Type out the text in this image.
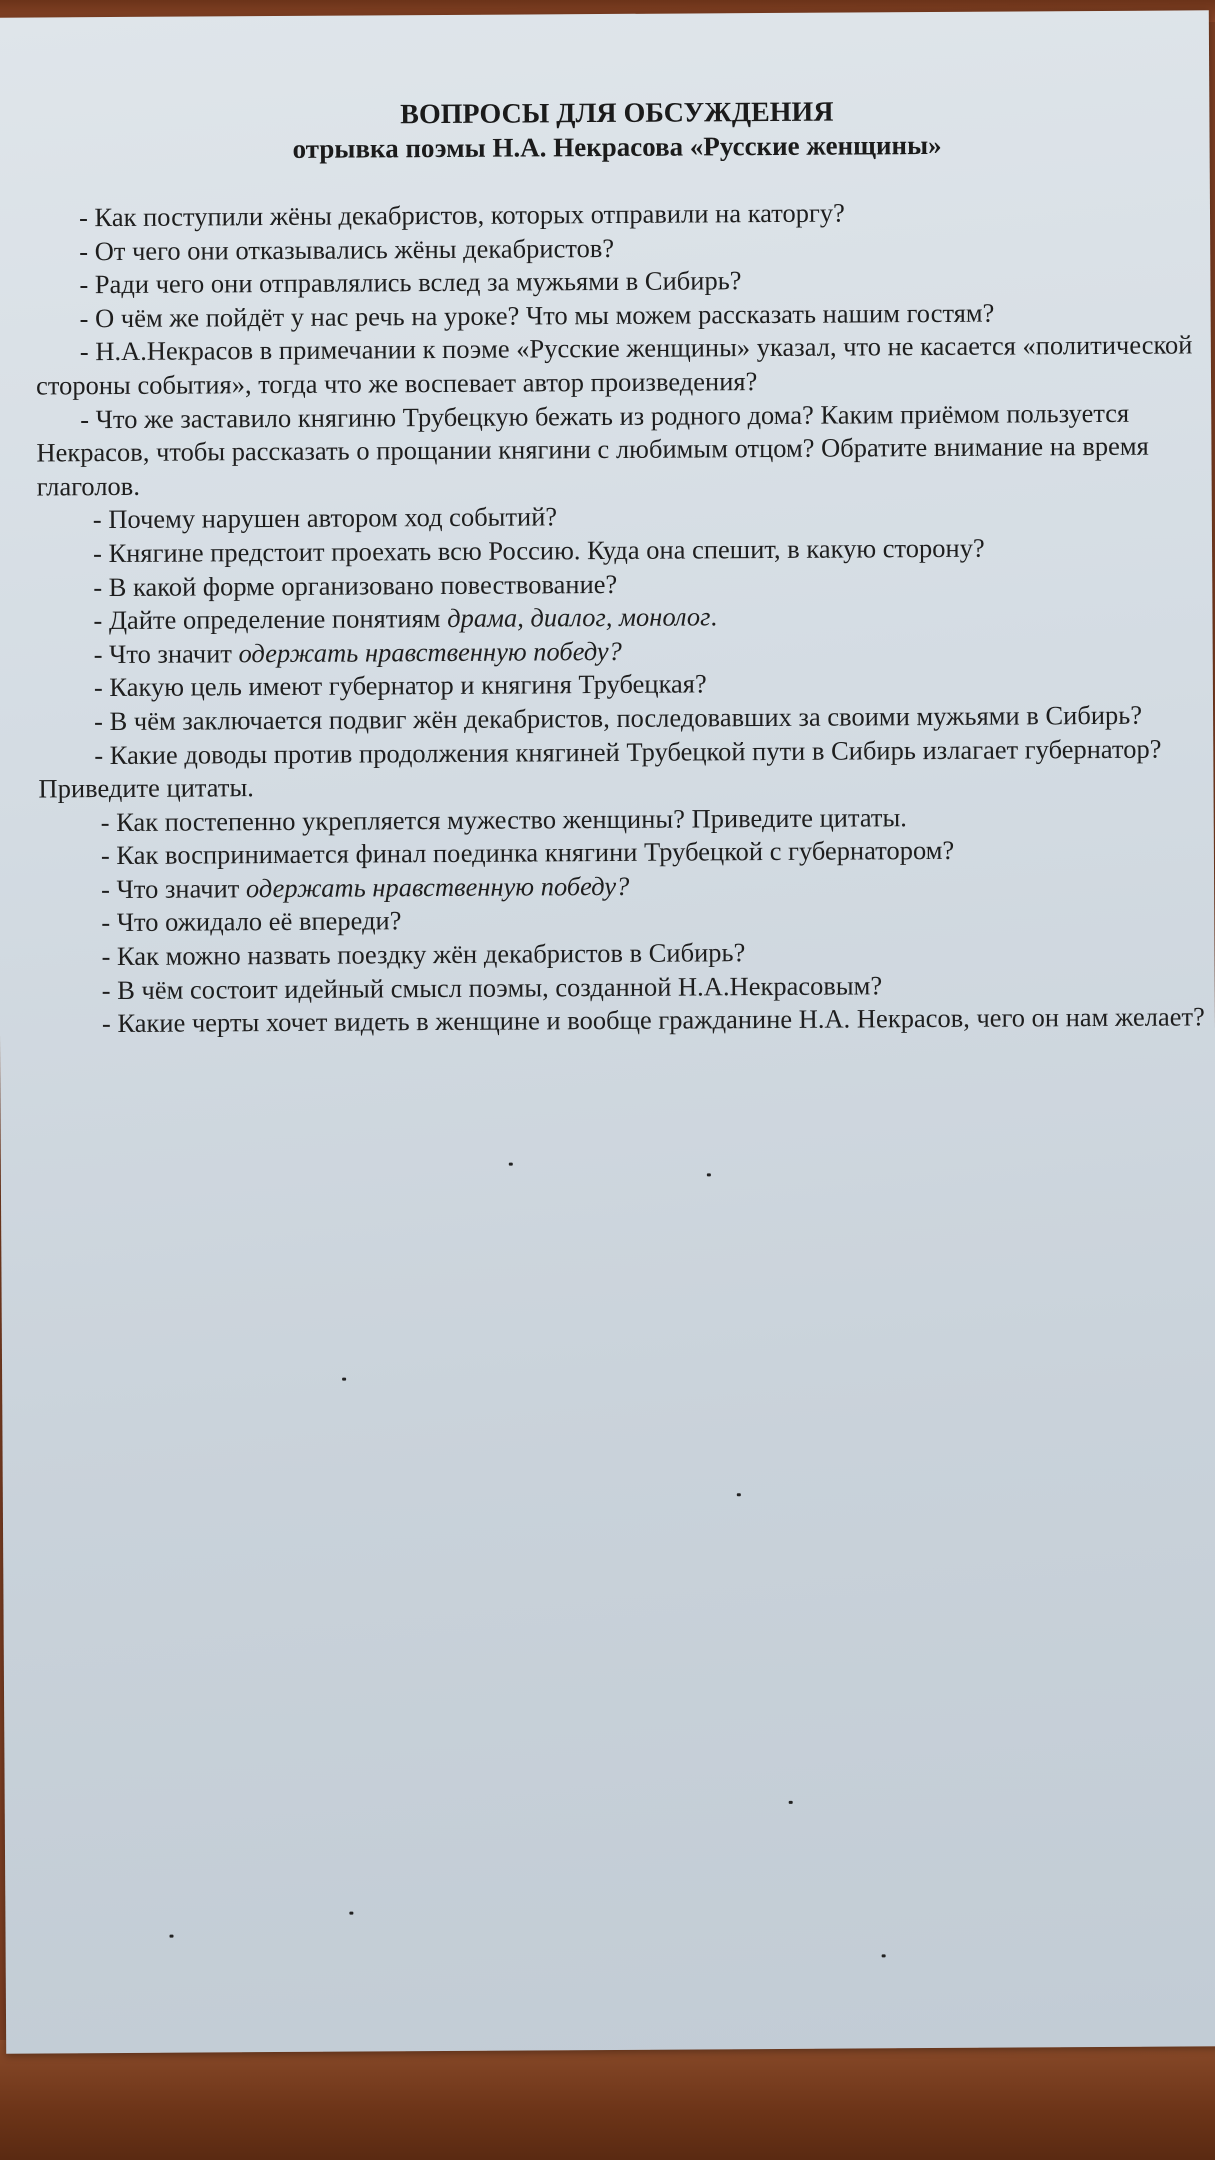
ВОПРОСЫ ДЛЯ ОБСУЖДЕНИЯ
отрывка поэмы Н.А. Некрасова «Русские женщины»
- Как поступили жёны декабристов, которых отправили на каторгу?
- От чего они отказывались жёны декабристов?
- Ради чего они отправлялись вслед за мужьями в Сибирь?
- О чём же пойдёт у нас речь на уроке? Что мы можем рассказать нашим гостям?
- Н.А.Некрасов в примечании к поэме «Русские женщины» указал, что не касается «политической стороны события», тогда что же воспевает автор произведения?
- Что же заставило княгиню Трубецкую бежать из родного дома? Каким приёмом пользуется Некрасов, чтобы рассказать о прощании княгини с любимым отцом? Обратите внимание на время глаголов.
- Почему нарушен автором ход событий?
- Княгине предстоит проехать всю Россию. Куда она спешит, в какую сторону?
- В какой форме организовано повествование?
- Дайте определение понятиям драма, диалог, монолог.
- Что значит одержать нравственную победу?
- Какую цель имеют губернатор и княгиня Трубецкая?
- В чём заключается подвиг жён декабристов, последовавших за своими мужьями в Сибирь?
- Какие доводы против продолжения княгиней Трубецкой пути в Сибирь излагает губернатор? Приведите цитаты.
- Как постепенно укрепляется мужество женщины? Приведите цитаты.
- Как воспринимается финал поединка княгини Трубецкой с губернатором?
- Что значит одержать нравственную победу?
- Что ожидало её впереди?
- Как можно назвать поездку жён декабристов в Сибирь?
- В чём состоит идейный смысл поэмы, созданной Н.А.Некрасовым?
- Какие черты хочет видеть в женщине и вообще гражданине Н.А. Некрасов, чего он нам желает?
